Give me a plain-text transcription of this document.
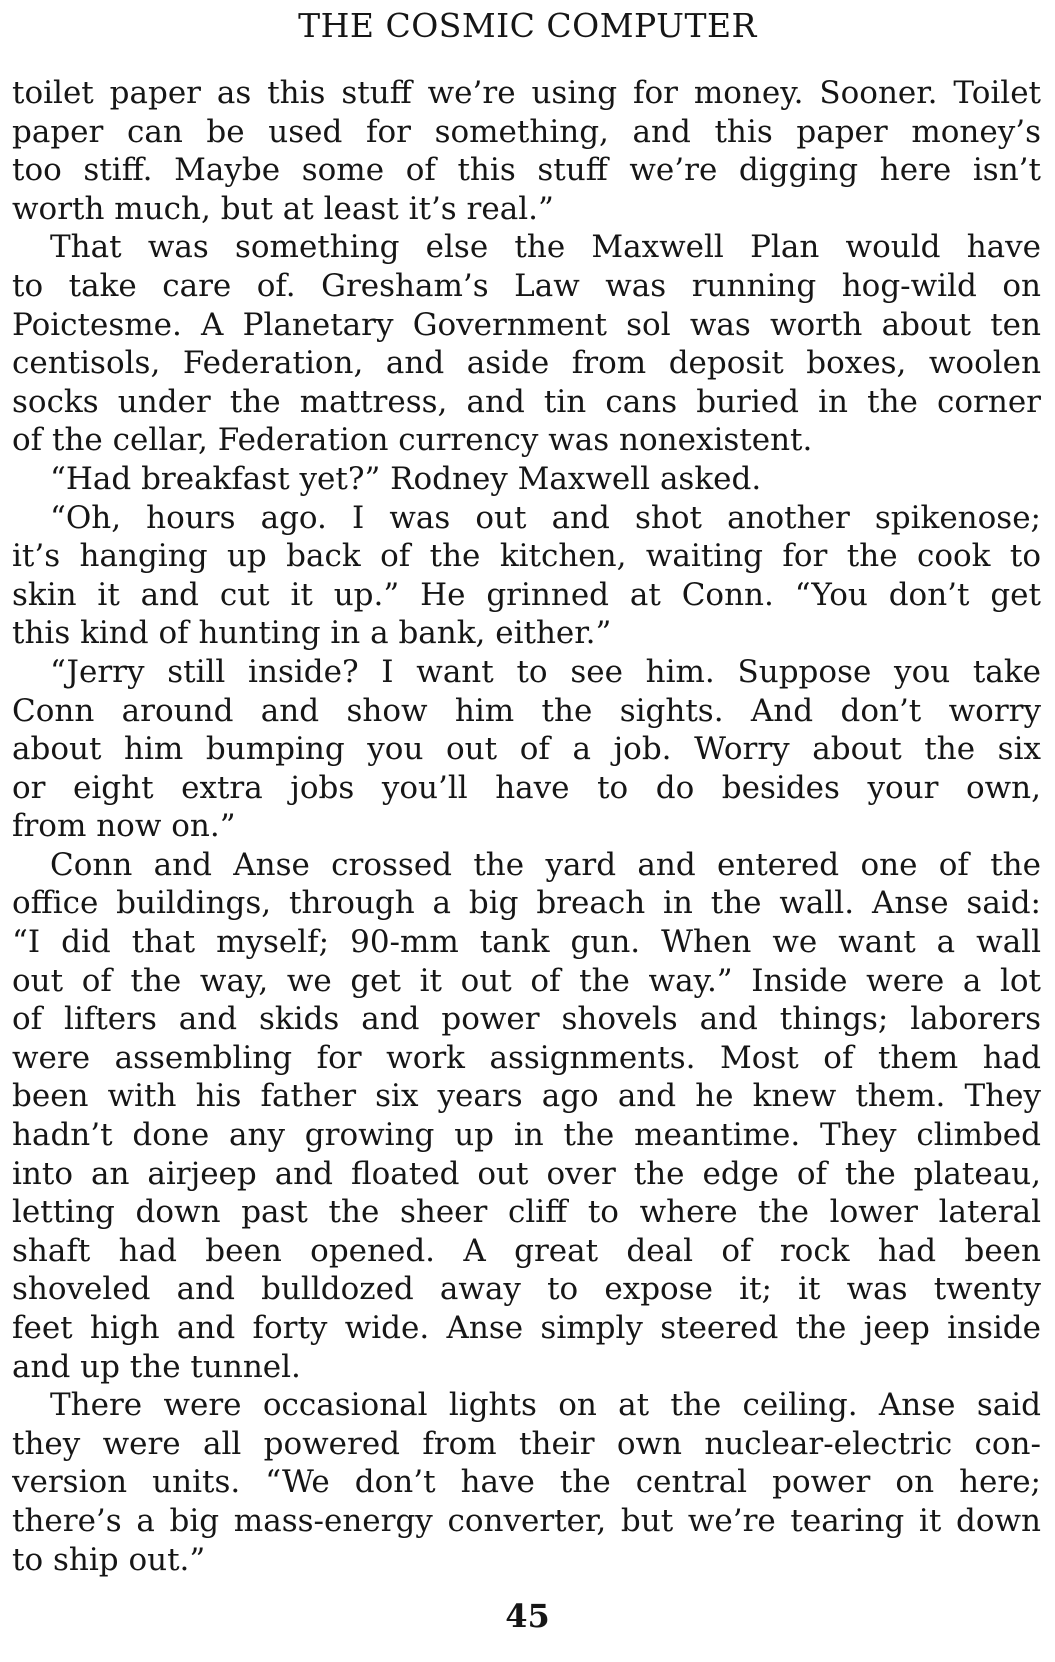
THE COSMIC COMPUTER
toilet paper as this stuff we’re using for money. Sooner. Toilet
paper can be used for something, and this paper money’s
too stiff. Maybe some of this stuff we’re digging here isn’t
worth much, but at least it’s real.”
That was something else the Maxwell Plan would have
to take care of. Gresham’s Law was running hog-wild on
Poictesme. A Planetary Government sol was worth about ten
centisols, Federation, and aside from deposit boxes, woolen
socks under the mattress, and tin cans buried in the corner
of the cellar, Federation currency was nonexistent.
“Had breakfast yet?” Rodney Maxwell asked.
“Oh, hours ago. I was out and shot another spikenose;
it’s hanging up back of the kitchen, waiting for the cook to
skin it and cut it up.” He grinned at Conn. “You don’t get
this kind of hunting in a bank, either.”
“Jerry still inside? I want to see him. Suppose you take
Conn around and show him the sights. And don’t worry
about him bumping you out of a job. Worry about the six
or eight extra jobs you’ll have to do besides your own,
from now on.”
Conn and Anse crossed the yard and entered one of the
office buildings, through a big breach in the wall. Anse said:
“I did that myself; 90-mm tank gun. When we want a wall
out of the way, we get it out of the way.” Inside were a lot
of lifters and skids and power shovels and things; laborers
were assembling for work assignments. Most of them had
been with his father six years ago and he knew them. They
hadn’t done any growing up in the meantime. They climbed
into an airjeep and floated out over the edge of the plateau,
letting down past the sheer cliff to where the lower lateral
shaft had been opened. A great deal of rock had been
shoveled and bulldozed away to expose it; it was twenty
feet high and forty wide. Anse simply steered the jeep inside
and up the tunnel.
There were occasional lights on at the ceiling. Anse said
they were all powered from their own nuclear-electric con-
version units. “We don’t have the central power on here;
there’s a big mass-energy converter, but we’re tearing it down
to ship out.”
45
